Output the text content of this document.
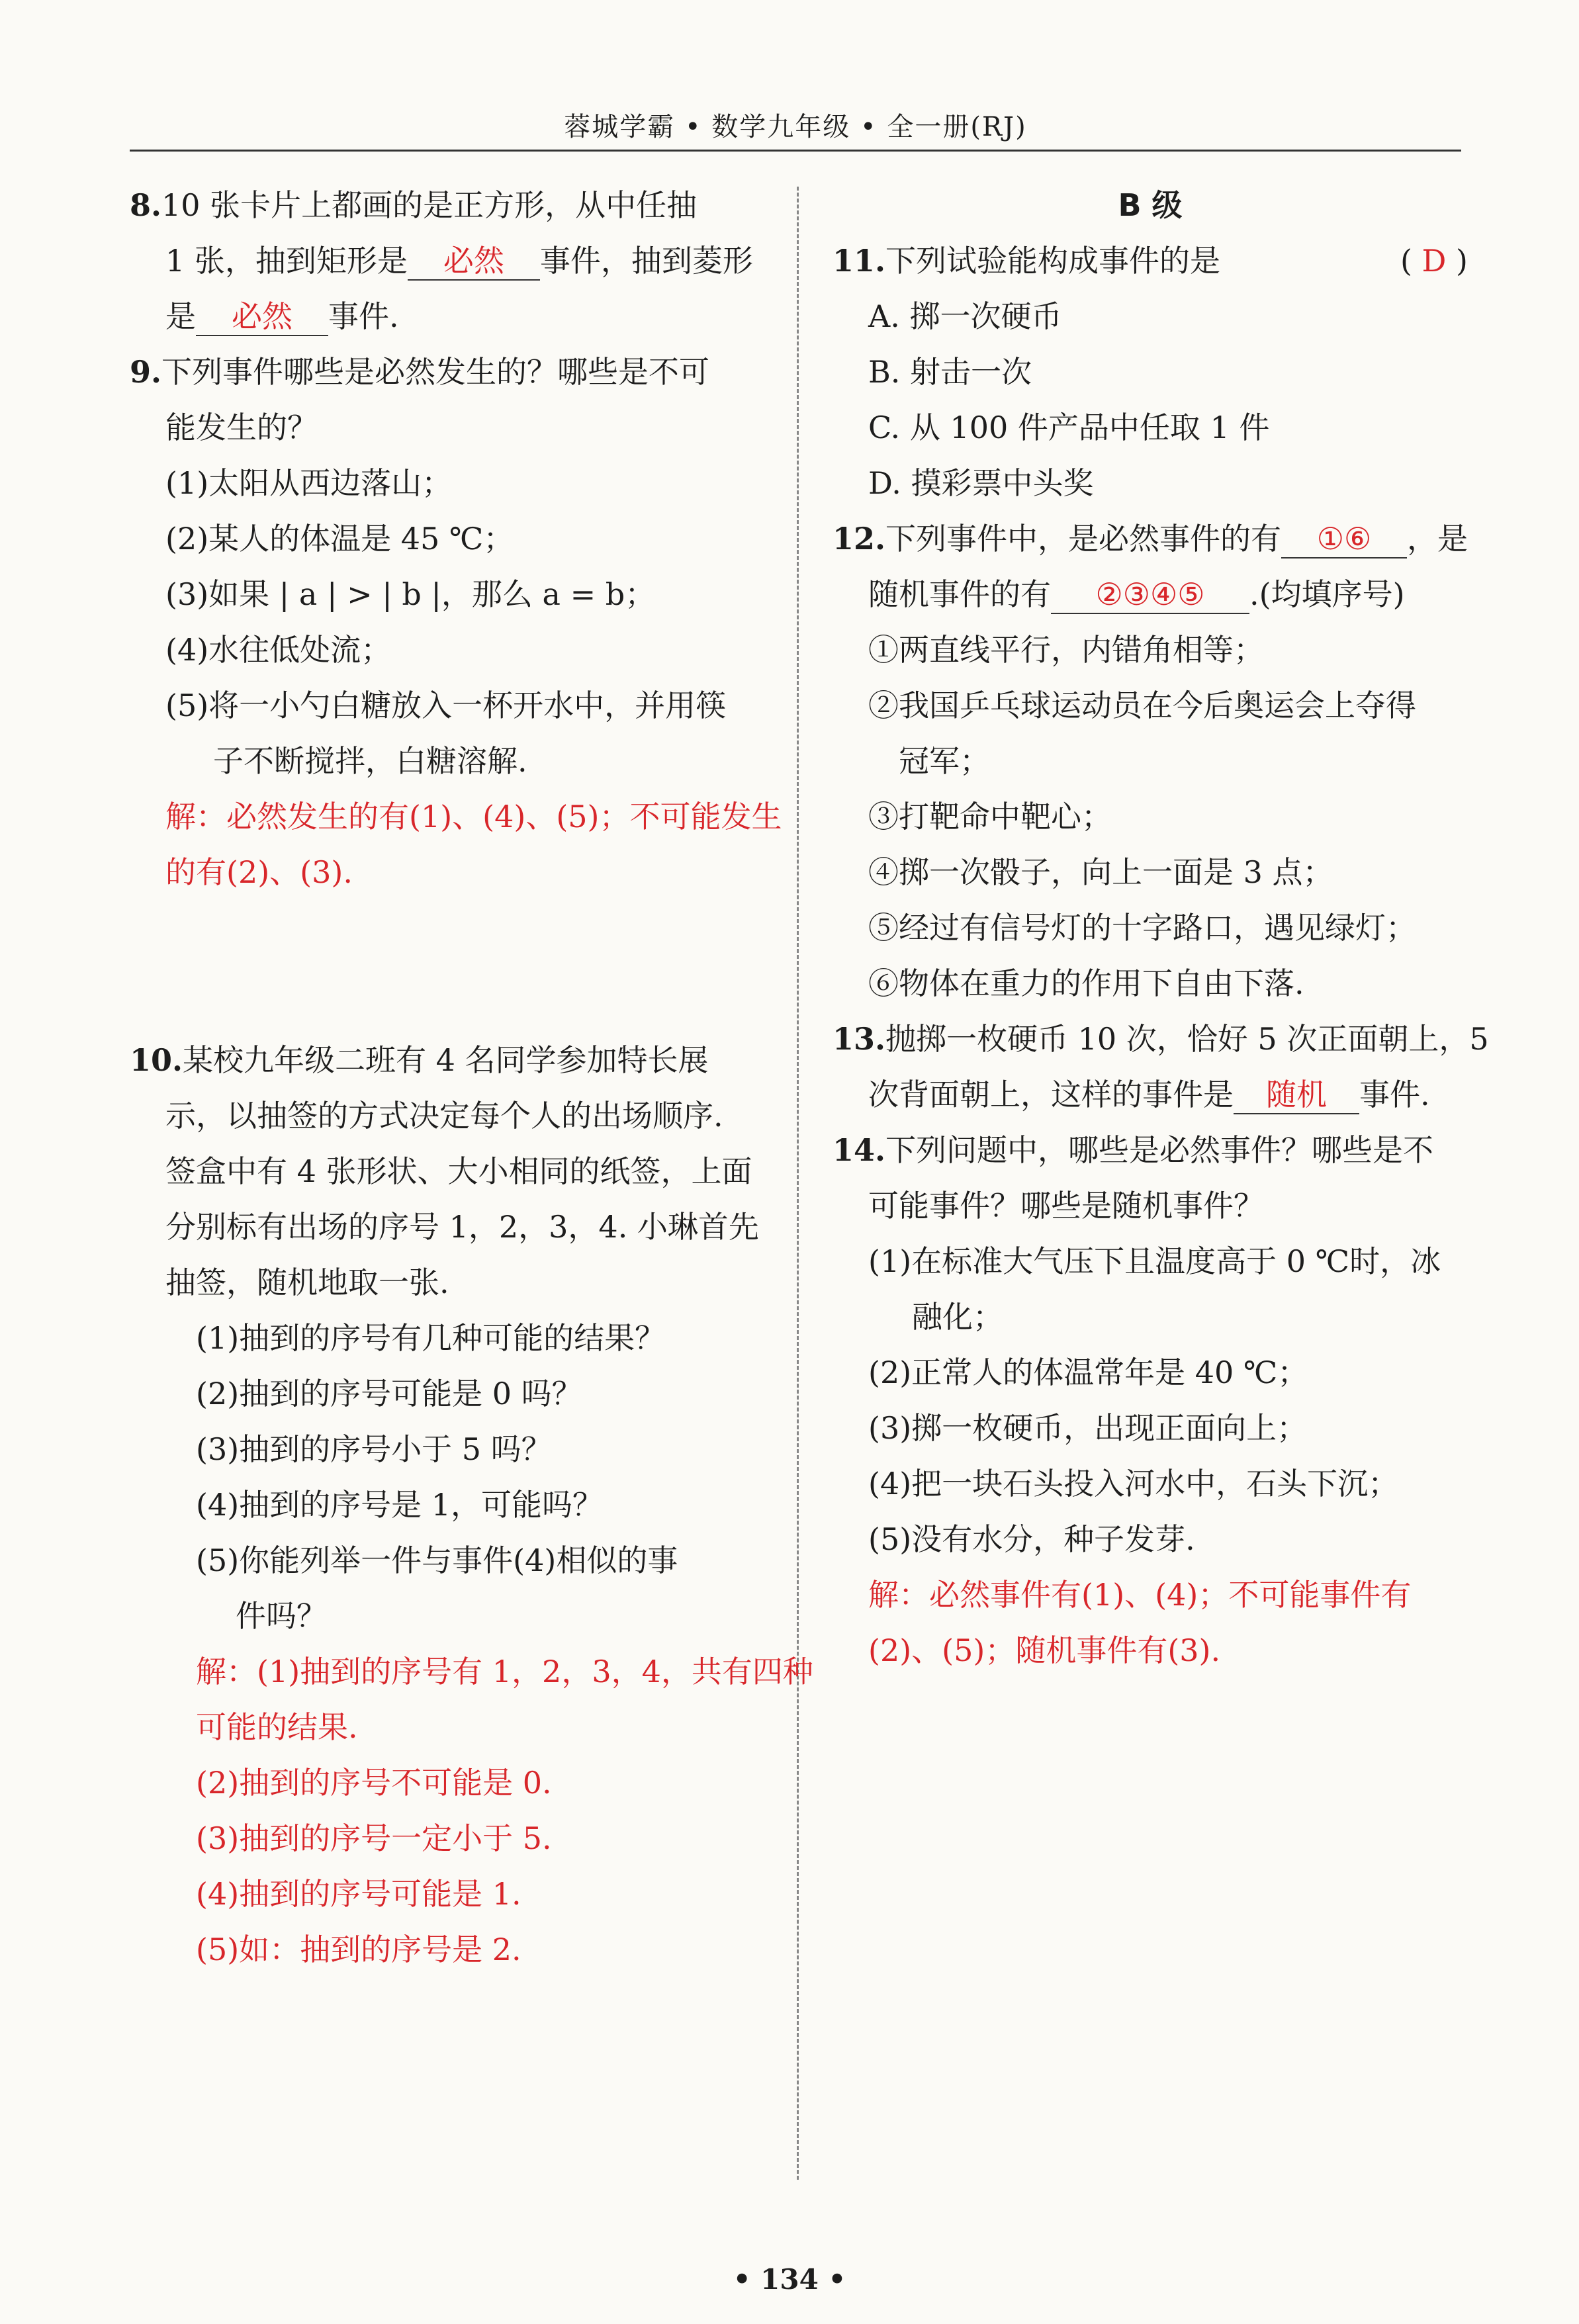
蓉城学霸 • 数学九年级 • 全一册(RJ)
8.10 张卡片上都画的是正方形，从中任抽
1 张，抽到矩形是 必然 事件，抽到菱形
是 必然 事件.
9.下列事件哪些是必然发生的？哪些是不可
能发生的？
(1)太阳从西边落山；
(2)某人的体温是 45 ℃；
(3)如果 | a | > | b |，那么 a = b；
(4)水往低处流；
(5)将一小勺白糖放入一杯开水中，并用筷
子不断搅拌，白糖溶解.
解：必然发生的有(1)、(4)、(5)；不可能发生
的有(2)、(3).
10.某校九年级二班有 4 名同学参加特长展
示，以抽签的方式决定每个人的出场顺序.
签盒中有 4 张形状、大小相同的纸签，上面
分别标有出场的序号 1，2，3，4. 小琳首先
抽签，随机地取一张.
(1)抽到的序号有几种可能的结果？
(2)抽到的序号可能是 0 吗？
(3)抽到的序号小于 5 吗？
(4)抽到的序号是 1，可能吗？
(5)你能列举一件与事件(4)相似的事
件吗？
解：(1)抽到的序号有 1，2，3，4，共有四种
可能的结果.
(2)抽到的序号不可能是 0.
(3)抽到的序号一定小于 5.
(4)抽到的序号可能是 1.
(5)如：抽到的序号是 2.
B 级
11.下列试验能构成事件的是	( D )
A. 掷一次硬币
B. 射击一次
C. 从 100 件产品中任取 1 件
D. 摸彩票中头奖
12.下列事件中，是必然事件的有 ①⑥ ，是
随机事件的有 ②③④⑤ .(均填序号)
①两直线平行，内错角相等；
②我国乒乓球运动员在今后奥运会上夺得
冠军；
③打靶命中靶心；
④掷一次骰子，向上一面是 3 点；
⑤经过有信号灯的十字路口，遇见绿灯；
⑥物体在重力的作用下自由下落.
13.抛掷一枚硬币 10 次，恰好 5 次正面朝上，5
次背面朝上，这样的事件是 随机 事件.
14.下列问题中，哪些是必然事件？哪些是不
可能事件？哪些是随机事件？
(1)在标准大气压下且温度高于 0 ℃时，冰
融化；
(2)正常人的体温常年是 40 ℃；
(3)掷一枚硬币，出现正面向上；
(4)把一块石头投入河水中，石头下沉；
(5)没有水分，种子发芽.
解：必然事件有(1)、(4)；不可能事件有
(2)、(5)；随机事件有(3).
• 134 •
